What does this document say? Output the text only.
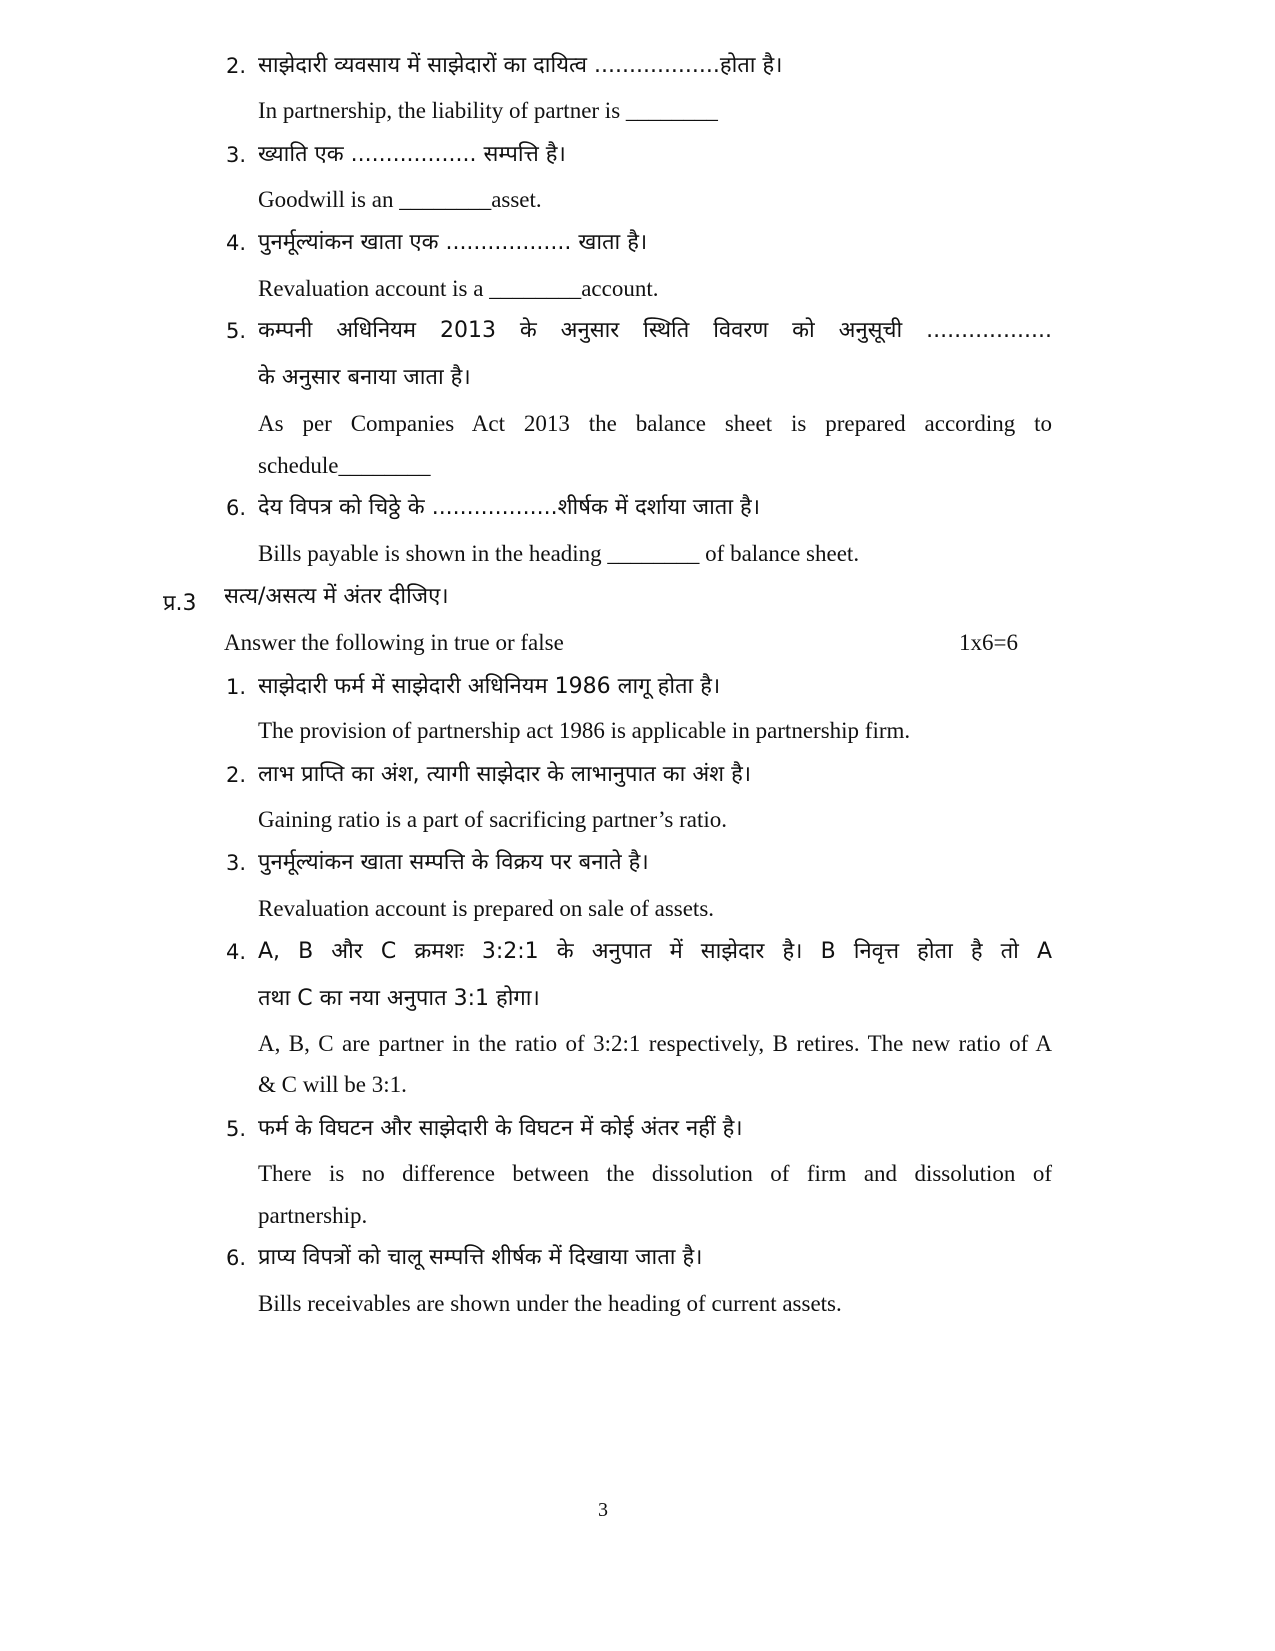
2. साझेदारी व्यवसाय में साझेदारों का दायित्व ..................होता है।
In partnership, the liability of partner is ________
3. ख्याति एक .................. सम्पत्ति है।
Goodwill is an ________asset.
4. पुनर्मूल्यांकन खाता एक .................. खाता है।
Revaluation account is a ________account.
5. कम्पनी अधिनियम 2013 के अनुसार स्थिति विवरण को अनुसूची ..................
के अनुसार बनाया जाता है।
As per Companies Act 2013 the balance sheet is prepared according to
schedule________
6. देय विपत्र को चिठ्ठे के ..................शीर्षक में दर्शाया जाता है।
Bills payable is shown in the heading ________ of balance sheet.
प्र.3 सत्य/असत्य में अंतर दीजिए।
Answer the following in true or false	1x6=6
1. साझेदारी फर्म में साझेदारी अधिनियम 1986 लागू होता है।
The provision of partnership act 1986 is applicable in partnership firm.
2. लाभ प्राप्ति का अंश, त्यागी साझेदार के लाभानुपात का अंश है।
Gaining ratio is a part of sacrificing partner’s ratio.
3. पुनर्मूल्यांकन खाता सम्पत्ति के विक्रय पर बनाते है।
Revaluation account is prepared on sale of assets.
4. A, B और C क्रमशः 3:2:1 के अनुपात में साझेदार है। B निवृत्त होता है तो A
तथा C का नया अनुपात 3:1 होगा।
A, B, C are partner in the ratio of 3:2:1 respectively, B retires. The new ratio of A
& C will be 3:1.
5. फर्म के विघटन और साझेदारी के विघटन में कोई अंतर नहीं है।
There is no difference between the dissolution of firm and dissolution of
partnership.
6. प्राप्य विपत्रों को चालू सम्पत्ति शीर्षक में दिखाया जाता है।
Bills receivables are shown under the heading of current assets.
3
